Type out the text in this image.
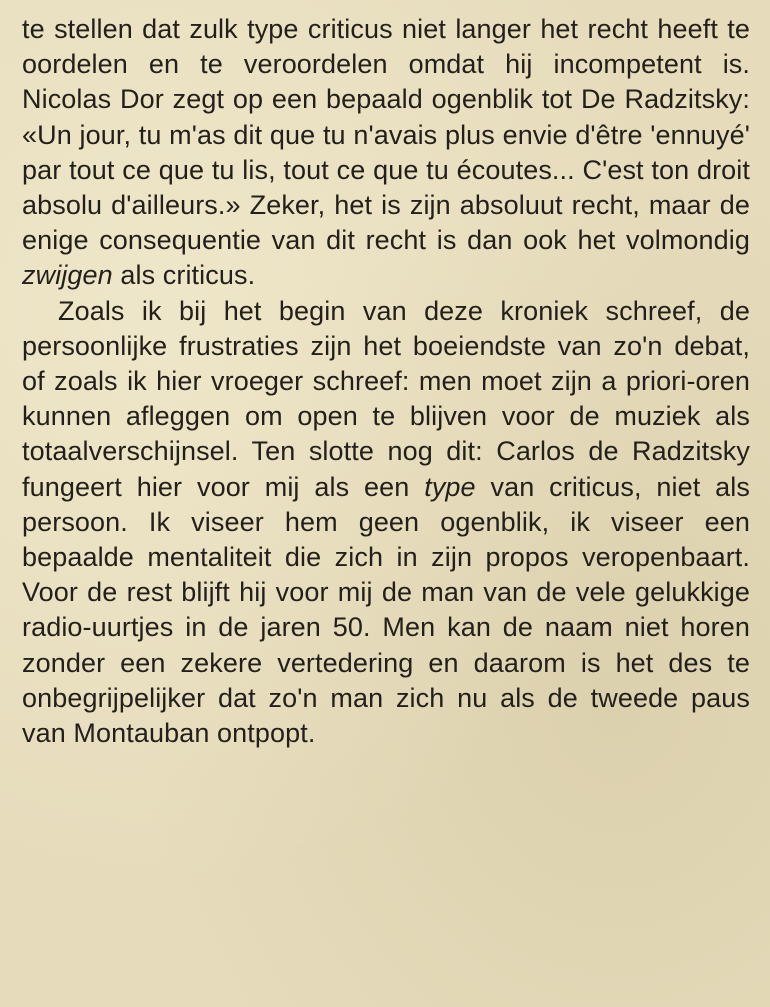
te stellen dat zulk type criticus niet langer het recht heeft te oordelen en te veroordelen omdat hij incompetent is. Nicolas Dor zegt op een bepaald ogenblik tot De Radzitsky: «Un jour, tu m'as dit que tu n'avais plus envie d'être 'ennuyé' par tout ce que tu lis, tout ce que tu écoutes... C'est ton droit absolu d'ailleurs.» Zeker, het is zijn absoluut recht, maar de enige consequentie van dit recht is dan ook het volmondig zwijgen als criticus.

Zoals ik bij het begin van deze kroniek schreef, de persoonlijke frustraties zijn het boeiendste van zo'n debat, of zoals ik hier vroeger schreef: men moet zijn a priori-oren kunnen afleggen om open te blijven voor de muziek als totaalverschijnsel. Ten slotte nog dit: Carlos de Radzitsky fungeert hier voor mij als een type van criticus, niet als persoon. Ik viseer hem geen ogenblik, ik viseer een bepaalde mentaliteit die zich in zijn propos veropenbaart. Voor de rest blijft hij voor mij de man van de vele gelukkige radio-uurtjes in de jaren 50. Men kan de naam niet horen zonder een zekere vertedering en daarom is het des te onbegrijpelijker dat zo'n man zich nu als de tweede paus van Montauban ontpopt.
